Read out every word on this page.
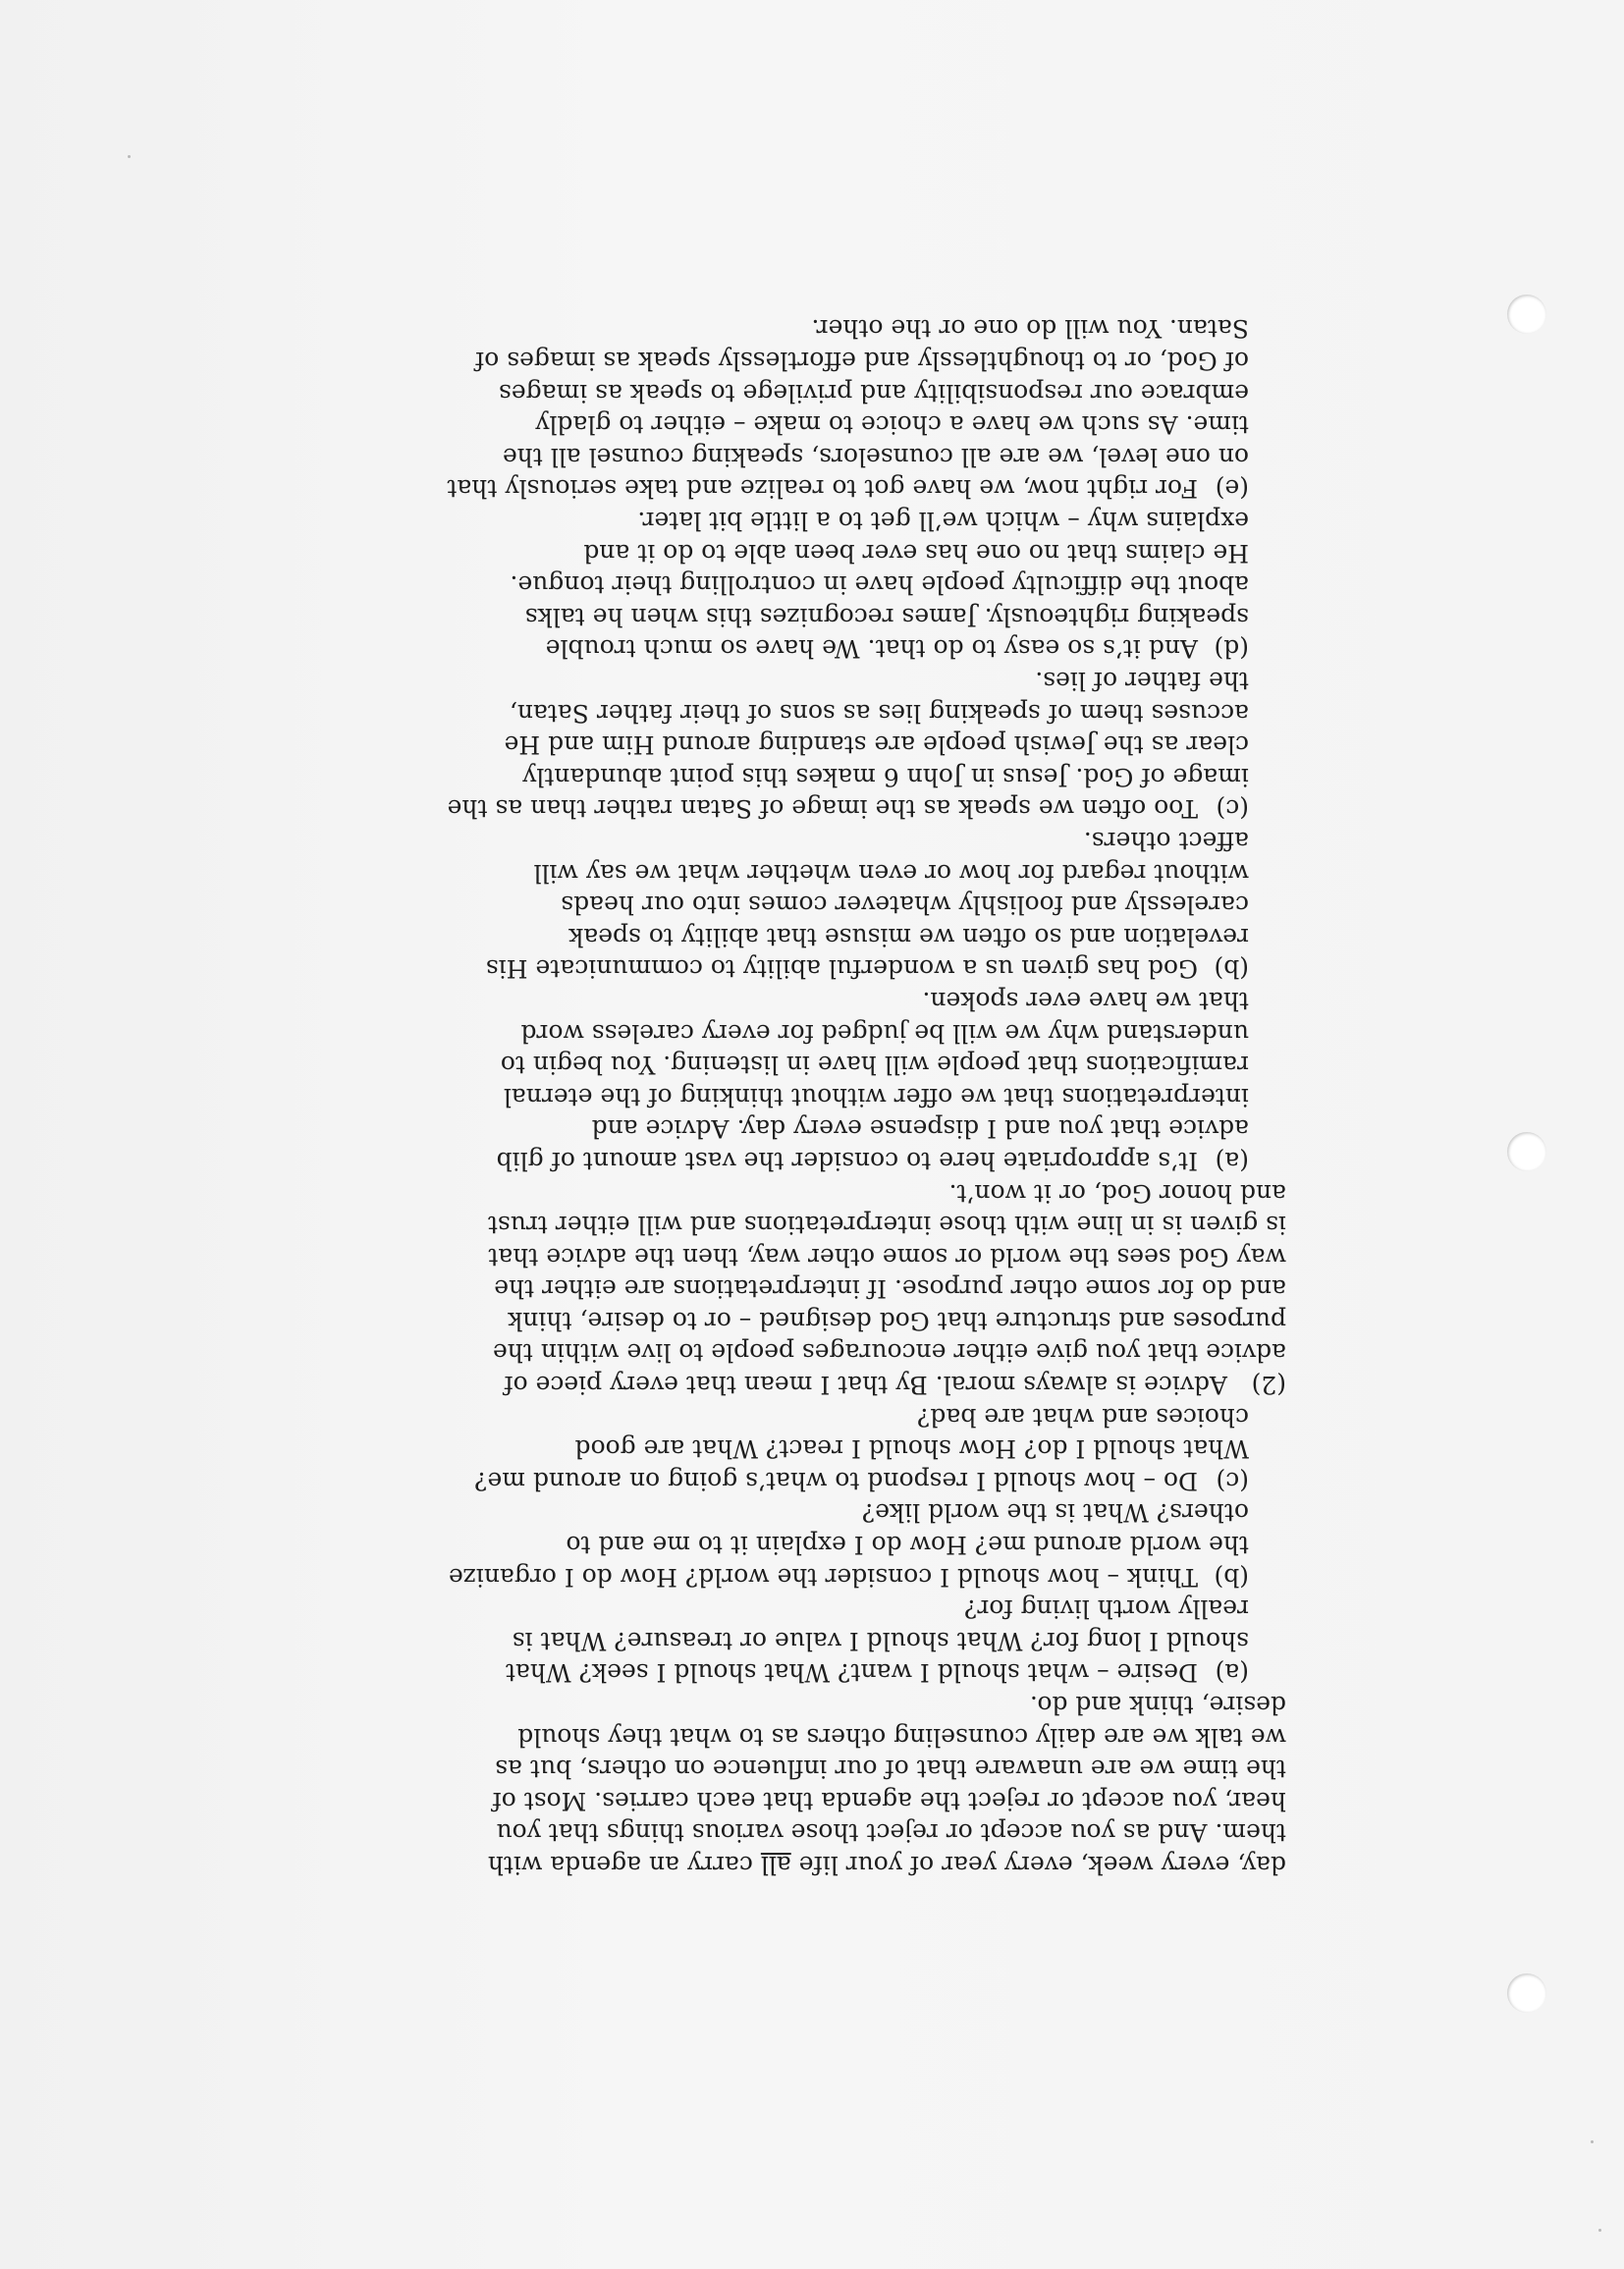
day, every week, every year of your life all carry an agenda with
them. And as you accept or reject those various things that you
hear, you accept or reject the agenda that each carries. Most of
the time we are unaware that of our influence on others, but as
we talk we are daily counseling others as to what they should
desire, think and do.
(a)Desire – what should I want? What should I seek? What
should I long for? What should I value or treasure? What is
really worth living for?
(b)Think – how should I consider the world? How do I organize
the world around me? How do I explain it to me and to
others? What is the world like?
(c)Do – how should I respond to what’s going on around me?
What should I do? How should I react? What are good
choices and what are bad?
(2)Advice is always moral. By that I mean that every piece of
advice that you give either encourages people to live within the
purposes and structure that God designed – or to desire, think
and do for some other purpose. If interpretations are either the
way God sees the world or some other way, then the advice that
is given is in line with those interpretations and will either trust
and honor God, or it won’t.
(a)It’s appropriate here to consider the vast amount of glib
advice that you and I dispense every day. Advice and
interpretations that we offer without thinking of the eternal
ramifications that people will have in listening. You begin to
understand why we will be judged for every careless word
that we have ever spoken.
(b)God has given us a wonderful ability to communicate His
revelation and so often we misuse that ability to speak
carelessly and foolishly whatever comes into our heads
without regard for how or even whether what we say will
affect others.
(c)Too often we speak as the image of Satan rather than as the
image of God. Jesus in John 6 makes this point abundantly
clear as the Jewish people are standing around Him and He
accuses them of speaking lies as sons of their father Satan,
the father of lies.
(d)And it’s so easy to do that. We have so much trouble
speaking righteously. James recognizes this when he talks
about the difficulty people have in controlling their tongue.
He claims that no one has ever been able to do it and
explains why – which we’ll get to a little bit later.
(e)For right now, we have got to realize and take seriously that
on one level, we are all counselors, speaking counsel all the
time. As such we have a choice to make – either to gladly
embrace our responsibility and privilege to speak as images
of God, or to thoughtlessly and effortlessly speak as images of
Satan. You will do one or the other.
